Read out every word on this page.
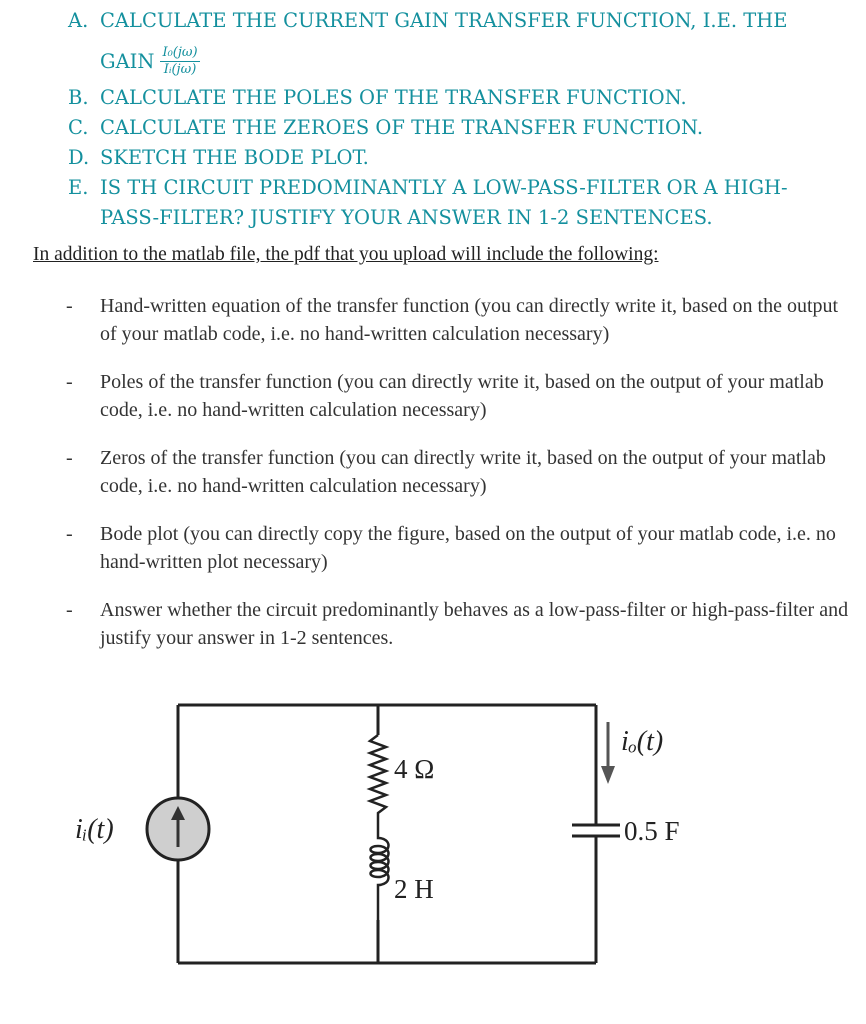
A. CALCULATE THE CURRENT GAIN TRANSFER FUNCTION, I.E. THE
GAIN $\frac{\text{I₀(jω)}}{\text{Iᵢ(jω)}}$
B. CALCULATE THE POLES OF THE TRANSFER FUNCTION.
C. CALCULATE THE ZEROES OF THE TRANSFER FUNCTION.
D. SKETCH THE BODE PLOT.
E. IS TH CIRCUIT PREDOMINANTLY A LOW-PASS-FILTER OR A HIGH-
PASS-FILTER? JUSTIFY YOUR ANSWER IN 1-2 SENTENCES.
In addition to the matlab file, the pdf that you upload will include the following:
-	Hand-written equation of the transfer function (you can directly write it, based on the output of your matlab code, i.e. no hand-written calculation necessary)
-	Poles of the transfer function (you can directly write it, based on the output of your matlab code, i.e. no hand-written calculation necessary)
-	Zeros of the transfer function (you can directly write it, based on the output of your matlab code, i.e. no hand-written calculation necessary)
-	Bode plot (you can directly copy the figure, based on the output of your matlab code, i.e. no hand-written plot necessary)
-	Answer whether the circuit predominantly behaves as a low-pass-filter or high-pass-filter and justify your answer in 1-2 sentences.
iᵢ(t)
4 Ω
2 H
0.5 F
iₒ(t)
